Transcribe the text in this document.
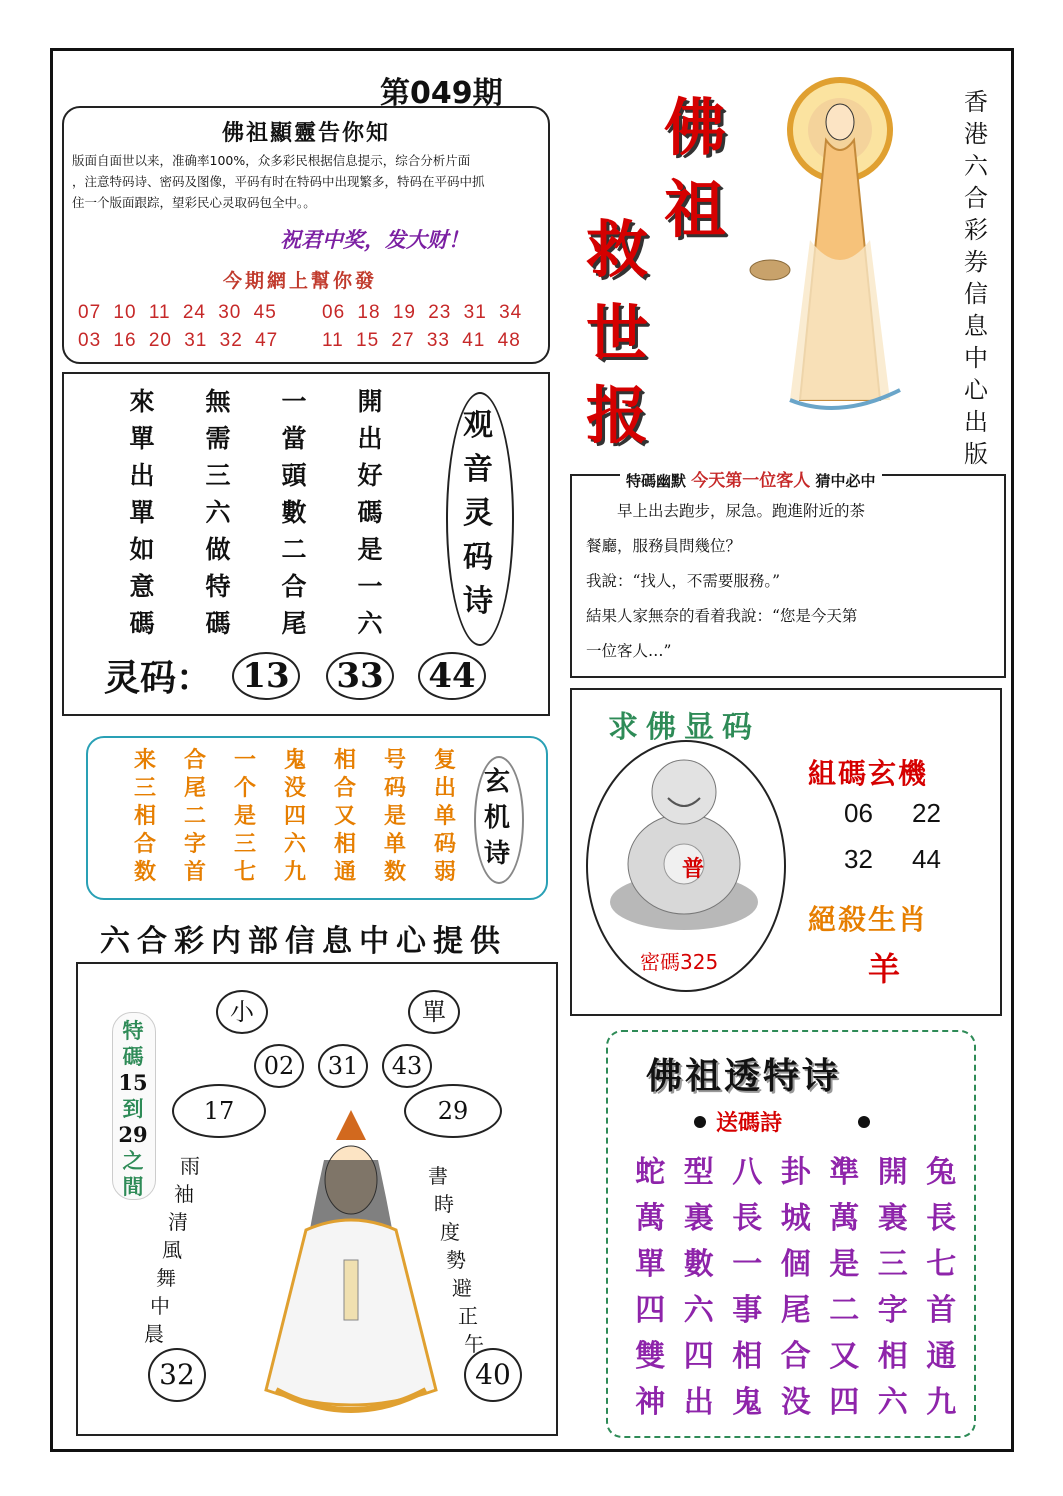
第049期
佛祖顯靈告你知
版面自面世以来，准确率100%，众多彩民根据信息提示，综合分析片面
，注意特码诗、密码及图像，平码有时在特码中出现繁多，特码在平码中抓
住一个版面跟踪，望彩民心灵取码包全中。。
祝君中奖，发大财！
今期網上幫你發
07 10 11 24 30 45 06 18 19 23 31 34
03 16 20 31 32 47 11 15 27 33 41 48
佛
祖
救
世
报
香
港
六
合
彩
券
信
息
中
心
出
版
來	無	一	開
單	需	當	出
出	三	頭	好
單	六	數	碼
如	做	二	是
意	特	合	一
碼	碼	尾	六
观
音
灵
码
诗
灵码： 13	33	44
来	合	一	鬼	相	号	复
三	尾	个	没	合	码	出
相	二	是	四	又	是	单
合	字	三	六	相	单	码
数	首	七	九	通	数	弱
玄
机
诗
六合彩内部信息中心提供
特碼幽默 今天第一位客人 猜中必中
早上出去跑步，尿急。跑進附近的茶
餐廳，服務員問幾位？
我說：“找人，不需要服務。”
結果人家無奈的看着我說：“您是今天第
一位客人…”
求佛显码
普
密碼325
組碼玄機
06 22
32 44
絕殺生肖
羊
小	單
02	31	43
17	29
特
碼
15
到
29
之
間
雨
袖
清
風
舞
中
晨
書
時
度
勢
避
正
午
32	40
佛祖透特诗
送碼詩
蛇 型 八 卦 準 開 兔
萬 裏 長 城 萬 裏 長
單 數 一 個 是 三 七
四 六 事 尾 二 字 首
雙 四 相 合 又 相 通
神 出 鬼 没 四 六 九
